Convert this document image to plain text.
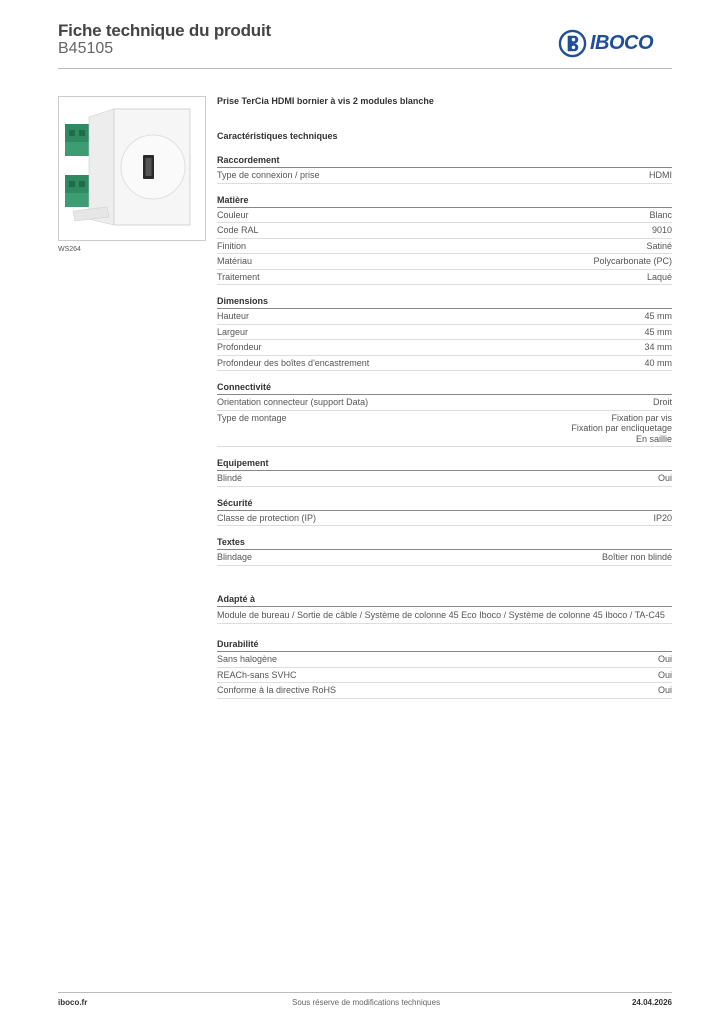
Fiche technique du produit
B45105	IBOCO
WS264
Prise TerCia HDMI bornier à vis 2 modules blanche
Caractéristiques techniques
Raccordement
Type de connexion / prise	HDMI
Matière
Couleur	Blanc
Code RAL	9010
Finition	Satiné
Matériau	Polycarbonate (PC)
Traitement	Laqué
Dimensions
Hauteur	45 mm
Largeur	45 mm
Profondeur	34 mm
Profondeur des boîtes d'encastrement	40 mm
Connectivité
Orientation connecteur (support Data)	Droit
Type de montage	Fixation par vis
Fixation par encliquetage
En saillie
Equipement
Blindé	Oui
Sécurité
Classe de protection (IP)	IP20
Textes
Blindage	Boîtier non blindé
Adapté à
Module de bureau / Sortie de câble / Système de colonne 45 Eco Iboco / Système de colonne 45 Iboco / TA-C45
Durabilité
Sans halogène	Oui
REACh-sans SVHC	Oui
Conforme à la directive RoHS	Oui
iboco.fr	Sous réserve de modifications techniques	24.04.2026
